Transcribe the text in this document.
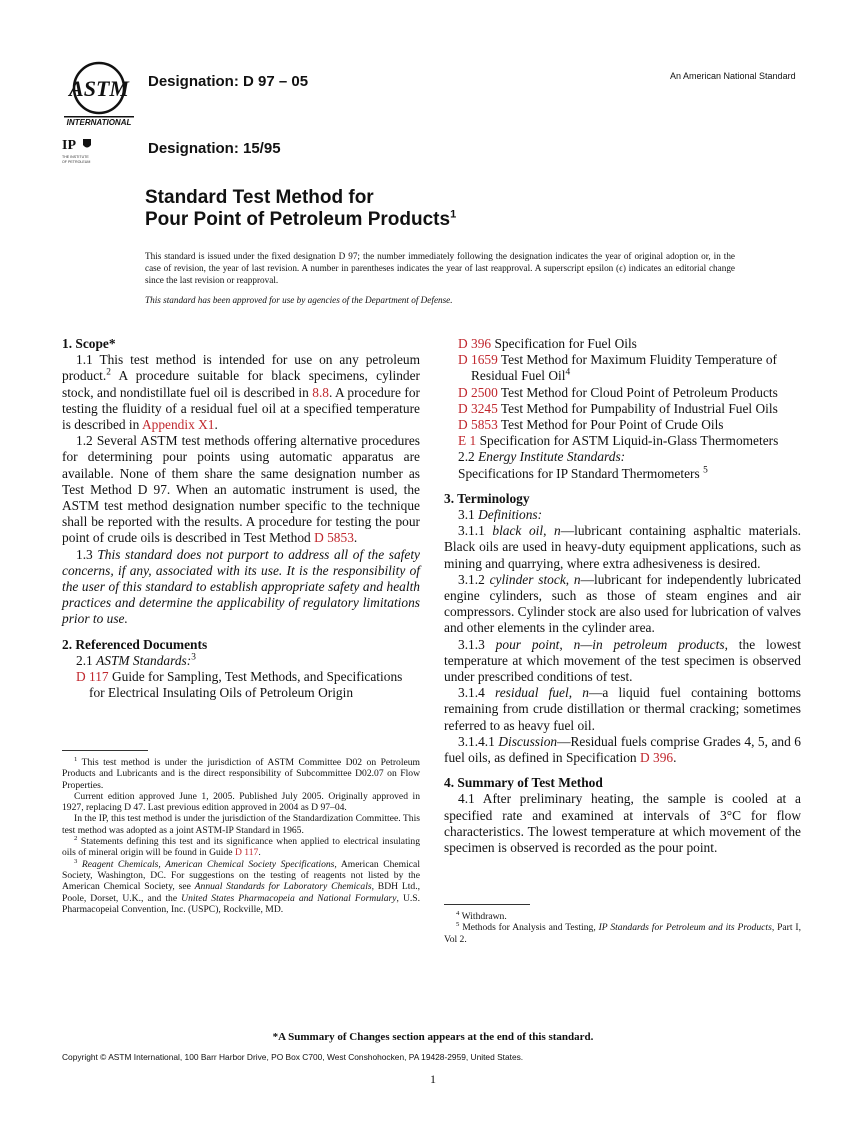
ASTM
INTERNATIONAL
IP
THE INSTITUTE
OF PETROLEUM
Designation: D 97 – 05
Designation: 15/95
An American National Standard
Standard Test Method for
Pour Point of Petroleum Products$^1$
This standard is issued under the fixed designation D 97; the number immediately following the designation indicates the year of original adoption or, in the case of revision, the year of last revision. A number in parentheses indicates the year of last reapproval. A superscript epsilon (ϵ) indicates an editorial change since the last revision or reapproval.
This standard has been approved for use by agencies of the Department of Defense.
1. Scope*

1.1 This test method is intended for use on any petroleum product.$^2$ A procedure suitable for black specimens, cylinder stock, and nondistillate fuel oil is described in 8.8. A procedure for testing the fluidity of a residual fuel oil at a specified temperature is described in Appendix X1.

1.2 Several ASTM test methods offering alternative procedures for determining pour points using automatic apparatus are available. None of them share the same designation number as Test Method D 97. When an automatic instrument is used, the ASTM test method designation number specific to the technique shall be reported with the results. A procedure for testing the pour point of crude oils is described in Test Method D 5853.

1.3 This standard does not purport to address all of the safety concerns, if any, associated with its use. It is the responsibility of the user of this standard to establish appropriate safety and health practices and determine the applicability of regulatory limitations prior to use.

2. Referenced Documents

2.1 ASTM Standards:$^3$

D 117 Guide for Sampling, Test Methods, and Specifications for Electrical Insulating Oils of Petroleum Origin
D 396 Specification for Fuel Oils
D 1659 Test Method for Maximum Fluidity Temperature of Residual Fuel Oil$^4$
D 2500 Test Method for Cloud Point of Petroleum Products
D 3245 Test Method for Pumpability of Industrial Fuel Oils
D 5853 Test Method for Pour Point of Crude Oils
E 1 Specification for ASTM Liquid-in-Glass Thermometers

2.2 Energy Institute Standards:

Specifications for IP Standard Thermometers $^5$

3. Terminology

3.1 Definitions:

3.1.1 black oil, n—lubricant containing asphaltic materials. Black oils are used in heavy-duty equipment applications, such as mining and quarrying, where extra adhesiveness is desired.

3.1.2 cylinder stock, n—lubricant for independently lubricated engine cylinders, such as those of steam engines and air compressors. Cylinder stock are also used for lubrication of valves and other elements in the cylinder area.

3.1.3 pour point, n—in petroleum products, the lowest temperature at which movement of the test specimen is observed under prescribed conditions of test.

3.1.4 residual fuel, n—a liquid fuel containing bottoms remaining from crude distillation or thermal cracking; sometimes referred to as heavy fuel oil.

3.1.4.1 Discussion—Residual fuels comprise Grades 4, 5, and 6 fuel oils, as defined in Specification D 396.

4. Summary of Test Method

4.1 After preliminary heating, the sample is cooled at a specified rate and examined at intervals of 3°C for flow characteristics. The lowest temperature at which movement of the specimen is observed is recorded as the pour point.

$^1$ This test method is under the jurisdiction of ASTM Committee D02 on Petroleum Products and Lubricants and is the direct responsibility of Subcommittee D02.07 on Flow Properties.

Current edition approved June 1, 2005. Published July 2005. Originally approved in 1927, replacing D 47. Last previous edition approved in 2004 as D 97–04.

In the IP, this test method is under the jurisdiction of the Standardization Committee. This test method was adopted as a joint ASTM-IP Standard in 1965.

$^2$ Statements defining this test and its significance when applied to electrical insulating oils of mineral origin will be found in Guide D 117.

$^3$ Reagent Chemicals, American Chemical Society Specifications, American Chemical Society, Washington, DC. For suggestions on the testing of reagents not listed by the American Chemical Society, see Annual Standards for Laboratory Chemicals, BDH Ltd., Poole, Dorset, U.K., and the United States Pharmacopeia and National Formulary, U.S. Pharmacopeial Convention, Inc. (USPC), Rockville, MD.	$^4$ Withdrawn.

$^5$ Methods for Analysis and Testing, IP Standards for Petroleum and its Products, Part I, Vol 2.

*A Summary of Changes section appears at the end of this standard.
Copyright © ASTM International, 100 Barr Harbor Drive, PO Box C700, West Conshohocken, PA 19428-2959, United States.
1
